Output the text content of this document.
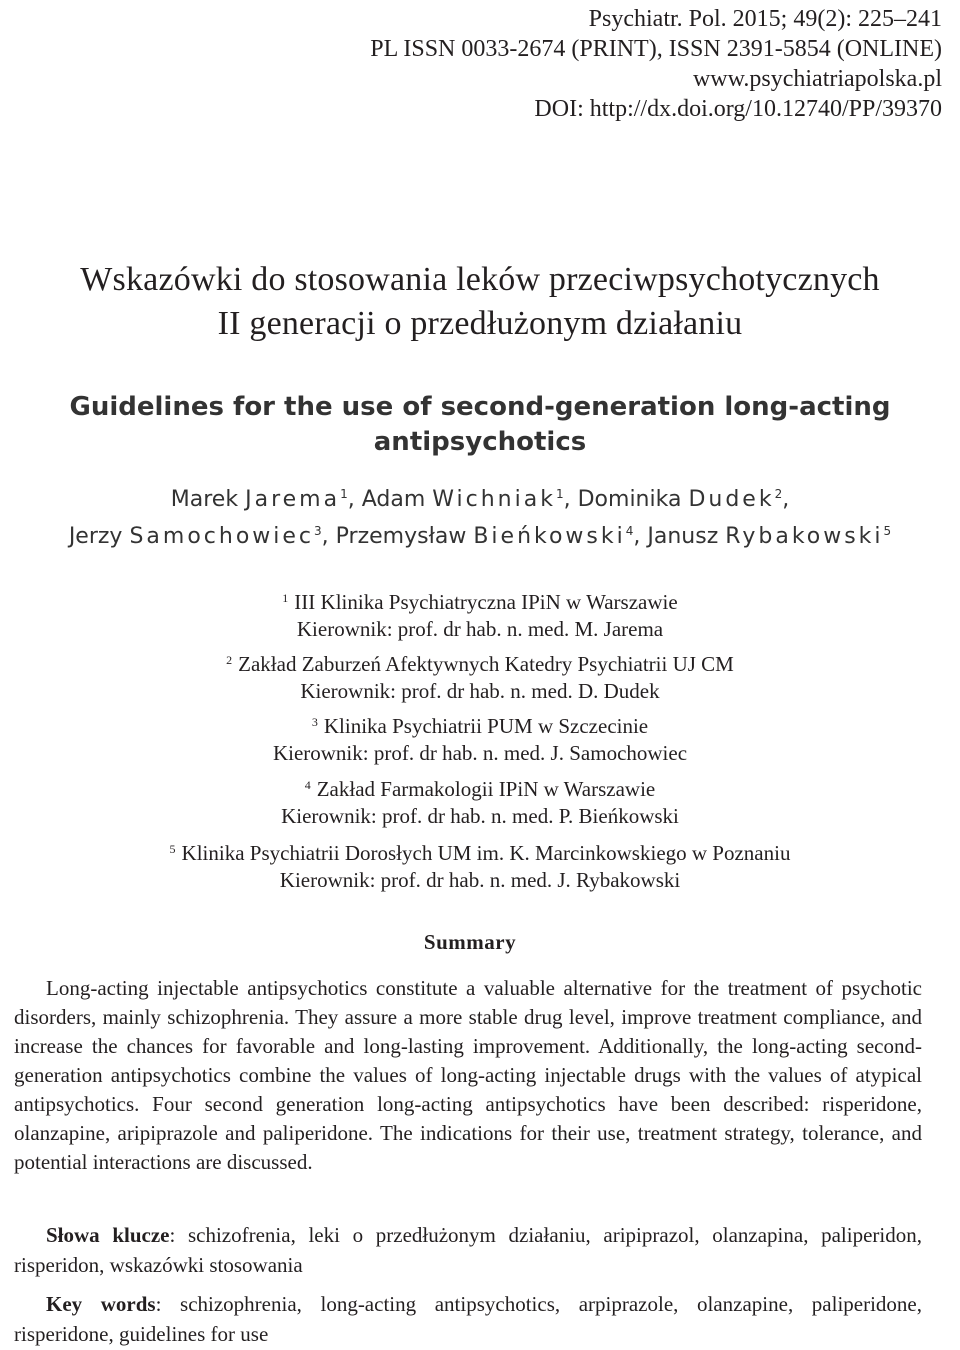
Psychiatr. Pol. 2015; 49(2): 225–241
PL ISSN 0033-2674 (PRINT), ISSN 2391-5854 (ONLINE)
www.psychiatriapolska.pl
DOI: http://dx.doi.org/10.12740/PP/39370
Wskazówki do stosowania leków przeciwpsychotycznych
II generacji o przedłużonym działaniu
Guidelines for the use of second-generation long-acting
antipsychotics
Marek Jarema$^1$, Adam Wichniak$^1$, Dominika Dudek$^2$,
Jerzy Samochowiec$^3$, Przemysław Bieńkowski$^4$, Janusz Rybakowski$^5$
$^1$ III Klinika Psychiatryczna IPiN w Warszawie
Kierownik: prof. dr hab. n. med. M. Jarema
$^2$ Zakład Zaburzeń Afektywnych Katedry Psychiatrii UJ CM
Kierownik: prof. dr hab. n. med. D. Dudek
$^3$ Klinika Psychiatrii PUM w Szczecinie
Kierownik: prof. dr hab. n. med. J. Samochowiec
$^4$ Zakład Farmakologii IPiN w Warszawie
Kierownik: prof. dr hab. n. med. P. Bieńkowski
$^5$ Klinika Psychiatrii Dorosłych UM im. K. Marcinkowskiego w Poznaniu
Kierownik: prof. dr hab. n. med. J. Rybakowski
Summary
Long-acting injectable antipsychotics constitute a valuable alternative for the treatment of psychotic disorders, mainly schizophrenia. They assure a more stable drug level, improve treatment compliance, and increase the chances for favorable and long-lasting improvement. Additionally, the long-acting second-generation antipsychotics combine the values of long-acting injectable drugs with the values of atypical antipsychotics. Four second generation long-acting antipsychotics have been described: risperidone, olanzapine, aripiprazole and paliperidone. The indications for their use, treatment strategy, tolerance, and potential interactions are discussed.
Słowa klucze: schizofrenia, leki o przedłużonym działaniu, aripiprazol, olanzapina, paliperidon, risperidon, wskazówki stosowania
Key words: schizophrenia, long-acting antipsychotics, arpiprazole, olanzapine, paliperidone, risperidone, guidelines for use
